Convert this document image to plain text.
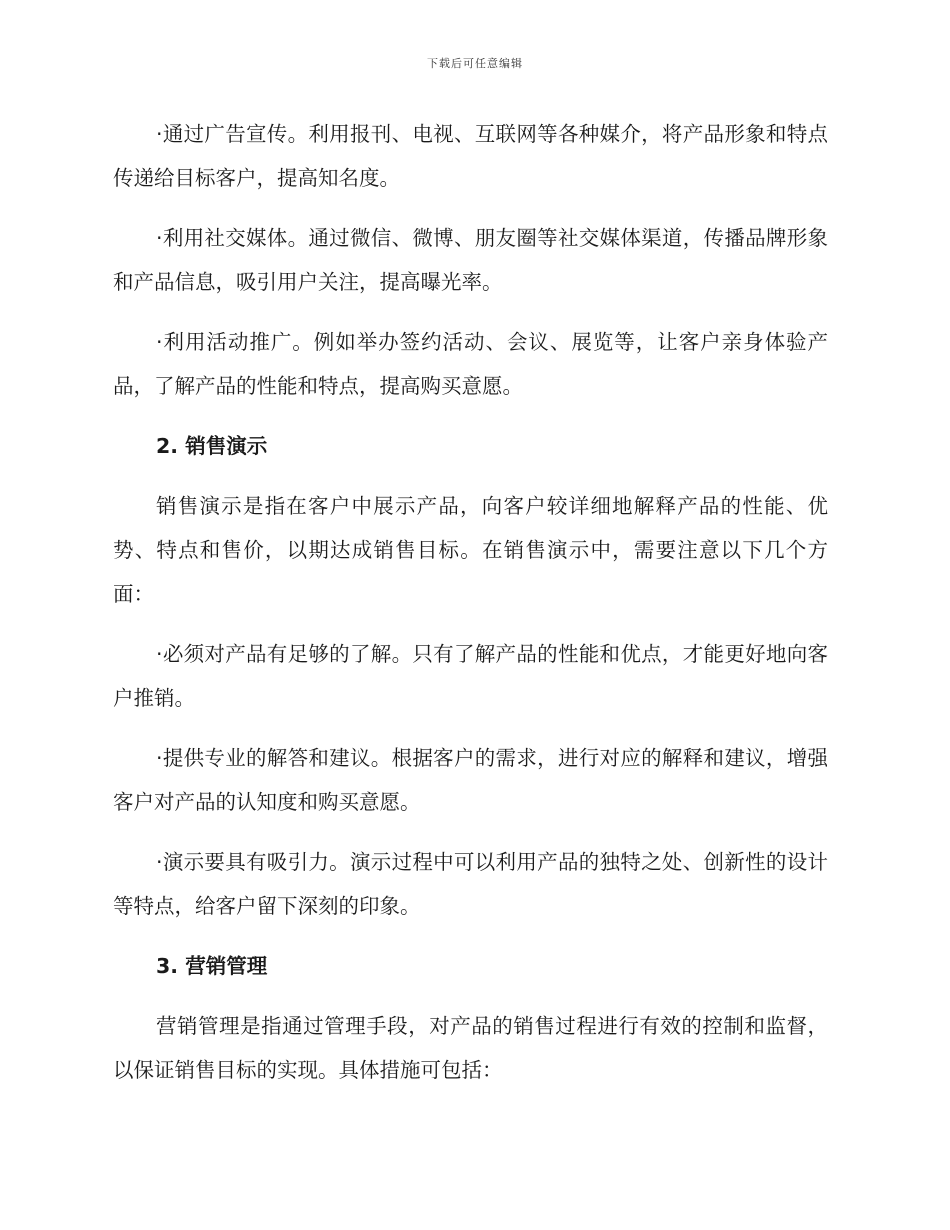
下载后可任意编辑

·通过广告宣传。利用报刊、电视、互联网等各种媒介，将产品形象和特点传递给目标客户，提高知名度。

·利用社交媒体。通过微信、微博、朋友圈等社交媒体渠道，传播品牌形象和产品信息，吸引用户关注，提高曝光率。

·利用活动推广。例如举办签约活动、会议、展览等，让客户亲身体验产品，了解产品的性能和特点，提高购买意愿。

2. 销售演示

销售演示是指在客户中展示产品，向客户较详细地解释产品的性能、优势、特点和售价，以期达成销售目标。在销售演示中，需要注意以下几个方面：

·必须对产品有足够的了解。只有了解产品的性能和优点，才能更好地向客户推销。

·提供专业的解答和建议。根据客户的需求，进行对应的解释和建议，增强客户对产品的认知度和购买意愿。

·演示要具有吸引力。演示过程中可以利用产品的独特之处、创新性的设计等特点，给客户留下深刻的印象。

3. 营销管理

营销管理是指通过管理手段，对产品的销售过程进行有效的控制和监督，以保证销售目标的实现。具体措施可包括：
